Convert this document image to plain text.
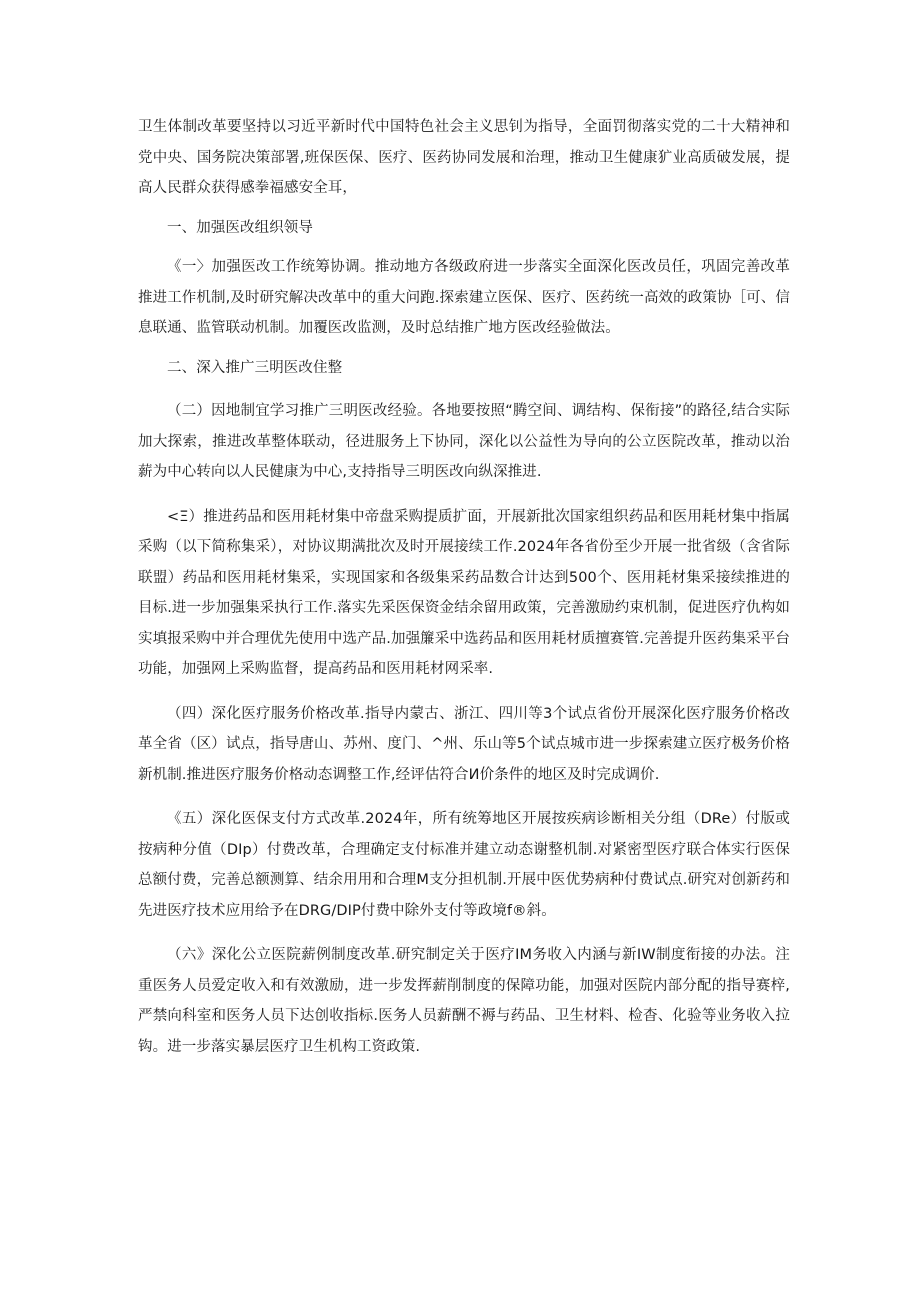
卫生体制改革要坚持以习近平新时代中国特色社会主义思钊为指导，全面罚彻落实党的二十大精神和党中央、国务院决策部署,班保医保、医疗、医药协同发展和治理，推动卫生健康犷业高质破发展，提高人民群众获得感拳福感安全耳，

一、加强医改组织领导

《一〉加强医改工作统筹协调。推动地方各级政府进一步落实全面深化医改员任，巩固完善改革推进工作机制,及时研究解决改革中的重大问跑.探索建立医保、医疗、医药统一高效的政策协［可、信息联通、监管联动机制。加覆医改监测，及时总结推广地方医改经验做法。

二、深入推广三明医改住整

（二）因地制宜学习推广三明医改经验。各地要按照“腾空间、调结构、保衔接”的路径,结合实际加大探索，推进改革整体联动，径进服务上下协同，深化以公益性为导向的公立医院改革，推动以治薪为中心转向以人民健康为中心,支持指导三明医改向纵深推进.

<Ξ）推进药品和医用耗材集中帝盘采购提质扩面，开展新批次国家组织药品和医用耗材集中指属采购（以下简称集采），对协议期满批次及时开展接续工作.2024年各省份至少开展一批省级（含省际联盟）药品和医用耗材集采，实现国家和各级集采药品数合计达到500个、医用耗材集采接续推进的目标.进一步加强集采执行工作.落实先采医保资金结余留用政策，完善激励约束机制，促进医疗仇构如实填报采购中并合理优先使用中选产品.加强簾采中选药品和医用耗材质擅赛管.完善提升医药集采平台功能，加强网上采购监督，提高药品和医用耗材网采率.

（四）深化医疗服务价格改革.指导内蒙古、浙江、四川等3个试点省份开展深化医疗服务价格改革全省（区）试点，指导唐山、苏州、度门、^州、乐山等5个试点城市进一步探索建立医疗极务价格新机制.推进医疗服务价格动态调整工作,经评估符合И价条件的地区及时完成调价.

《五）深化医保支付方式改革.2024年，所有统筹地区开展按疾病诊断相关分组（DRe）付版或按病种分值（DIp）付费改革，合理确定支付标准并建立动态谢整机制.对紧密型医疗联合体实行医保总额付费，完善总额测算、结余用用和合理M支分担机制.开展中医优势病种付费试点.研究对创新药和先进医疗技术应用给予在DRG/DIP付费中除外支付等政境f®斜。

（六》深化公立医院薪例制度改革.研究制定关于医疗IM务收入内涵与新IW制度衔接的办法。注重医务人员爱定收入和有效激励，进一步发挥薪削制度的保障功能，加强对医院内部分配的指导赛梓,严禁向科室和医务人员下达创收指标.医务人员薪酬不褥与药品、卫生材料、检杳、化验等业务收入拉钩。进一步落实暴层医疗卫生机构工资政策.
